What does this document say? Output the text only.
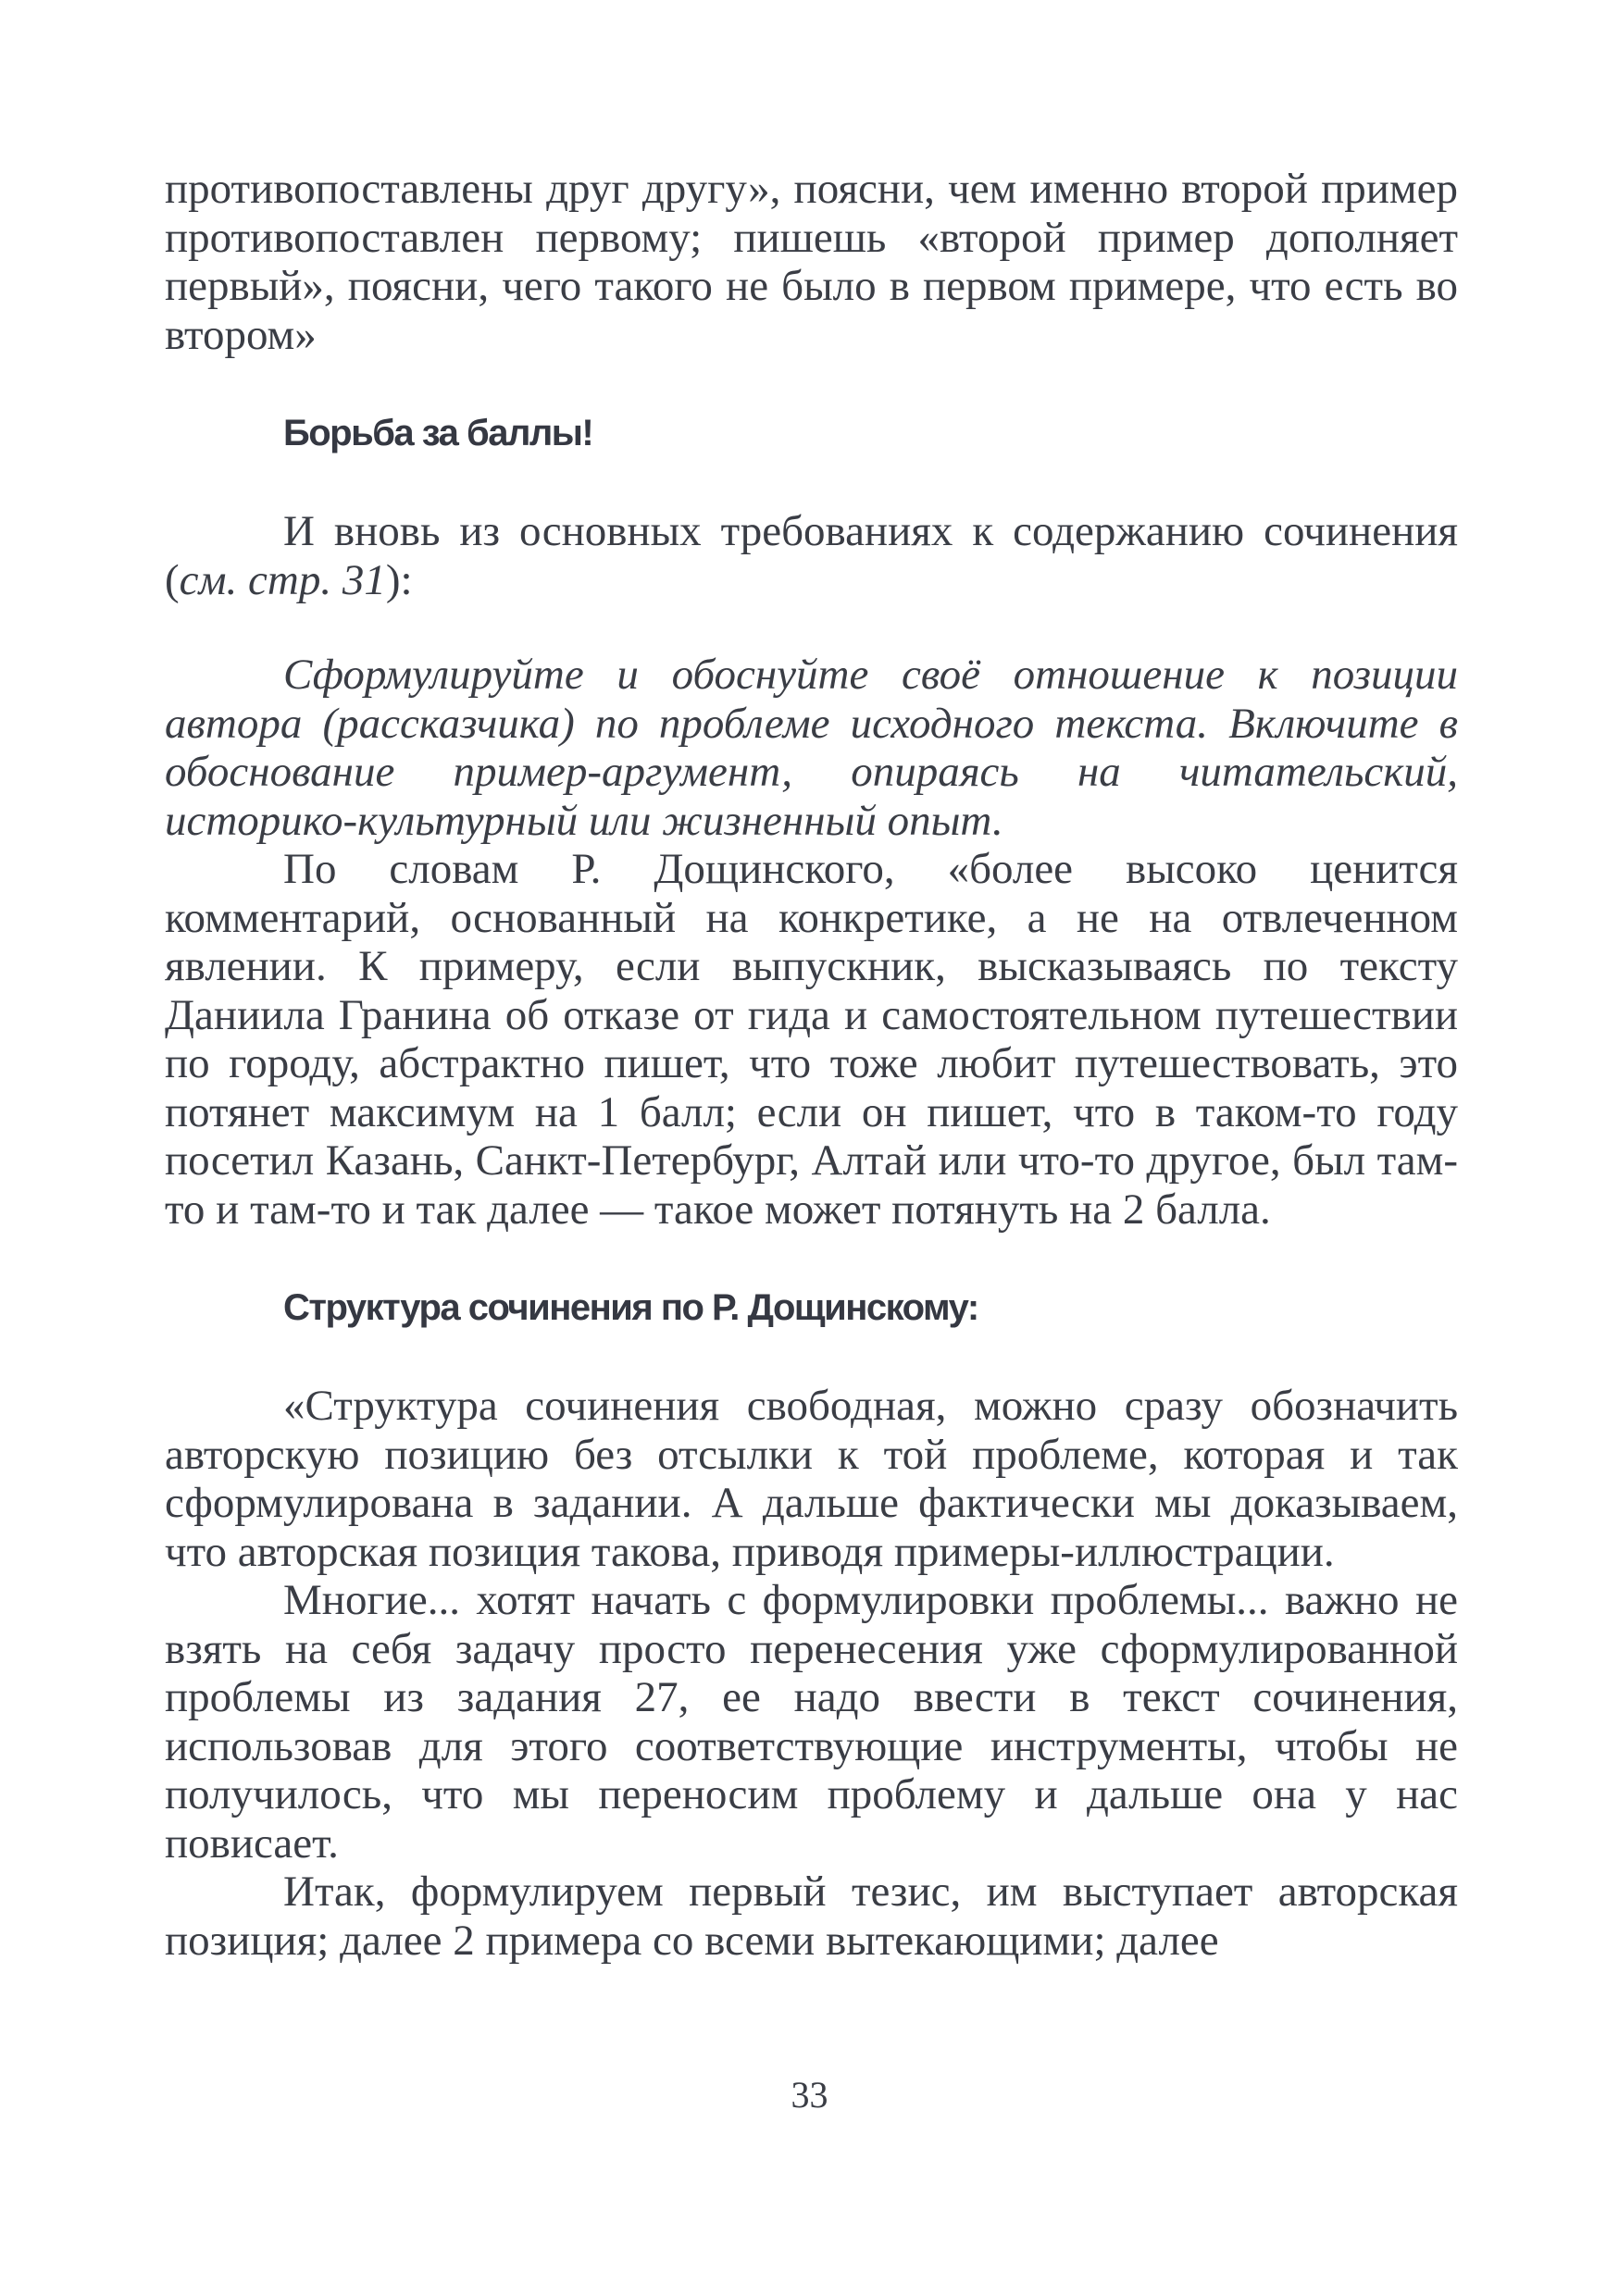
противопоставлены друг другу», поясни, чем именно второй пример противопоставлен первому; пишешь «второй пример дополняет первый», поясни, чего такого не было в первом примере, что есть во втором»

Борьба за баллы!

И вновь из основных требованиях к содержанию сочинения (см. стр. 31):

Сформулируйте и обоснуйте своё отношение к позиции автора (рассказчика) по проблеме исходного текста. Включите в обоснование пример-аргумент, опираясь на читательский, историко-культурный или жизненный опыт.

По словам Р. Дощинского, «более высоко ценится комментарий, основанный на конкретике, а не на отвлеченном явлении. К примеру, если выпускник, высказываясь по тексту Даниила Гранина об отказе от гида и самостоятельном путешествии по городу, абстрактно пишет, что тоже любит путешествовать, это потянет максимум на 1 балл; если он пишет, что в таком-то году посетил Казань, Санкт-Петербург, Алтай или что-то другое, был там-то и там-то и так далее — такое может потянуть на 2 балла.

Структура сочинения по Р. Дощинскому:

«Структура сочинения свободная, можно сразу обозначить авторскую позицию без отсылки к той проблеме, которая и так сформулирована в задании. А дальше фактически мы доказываем, что авторская позиция такова, приводя примеры-иллюстрации.

Многие... хотят начать с формулировки проблемы... важно не взять на себя задачу просто перенесения уже сформулированной проблемы из задания 27, ее надо ввести в текст сочинения, использовав для этого соответствующие инструменты, чтобы не получилось, что мы переносим проблему и дальше она у нас повисает.

Итак, формулируем первый тезис, им выступает авторская позиция; далее 2 примера со всеми вытекающими; далее

33
